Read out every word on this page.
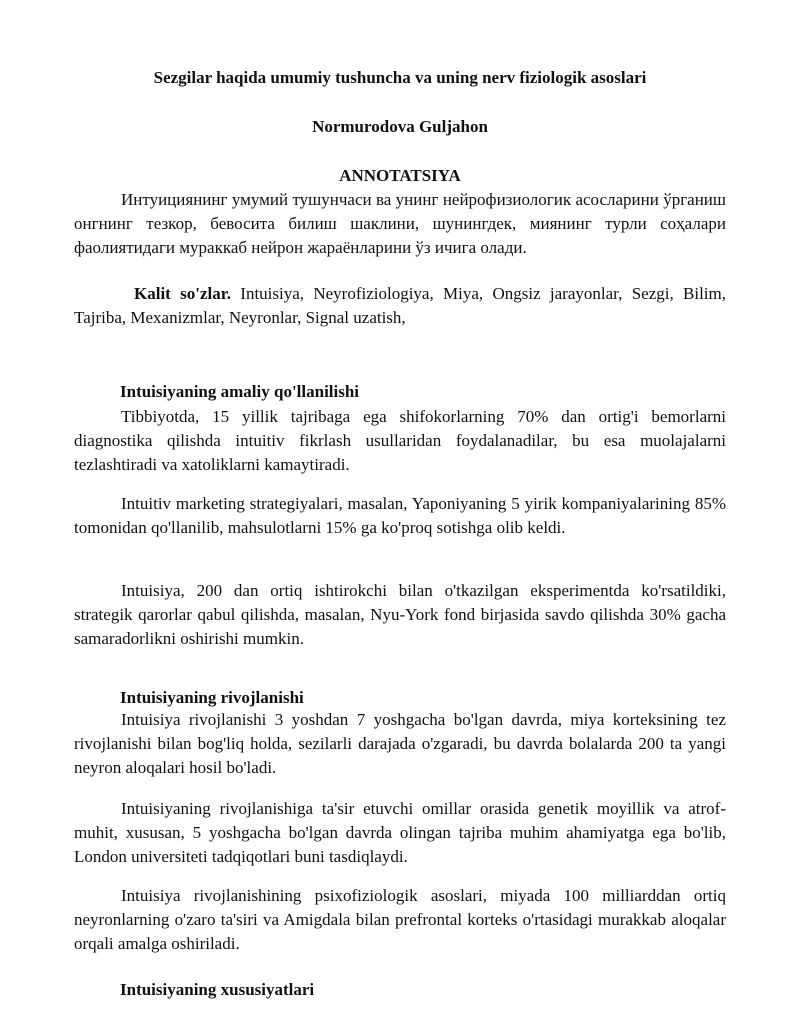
Sezgilar haqida umumiy tushuncha va uning nerv fiziologik asoslari
Normurodova Guljahon
ANNOTATSIYA
Интуициянинг умумий тушунчаси ва унинг нейрофизиологик асосларини ўрганиш онгнинг тезкор, бевосита билиш шаклини, шунингдек, миянинг турли соҳалари фаолиятидаги мураккаб нейрон жараёнларини ўз ичига олади.
Kalit so'zlar. Intuisiya, Neyrofiziologiya, Miya, Ongsiz jarayonlar, Sezgi, Bilim, Tajriba, Mexanizmlar, Neyronlar, Signal uzatish,
Intuisiyaning amaliy qo'llanilishi
Tibbiyotda, 15 yillik tajribaga ega shifokorlarning 70% dan ortig'i bemorlarni diagnostika qilishda intuitiv fikrlash usullaridan foydalanadilar, bu esa muolajalarni tezlashtiradi va xatoliklarni kamaytiradi.
Intuitiv marketing strategiyalari, masalan, Yaponiyaning 5 yirik kompaniyalarining 85% tomonidan qo'llanilib, mahsulotlarni 15% ga ko'proq sotishga olib keldi.
Intuisiya, 200 dan ortiq ishtirokchi bilan o'tkazilgan eksperimentda ko'rsatildiki, strategik qarorlar qabul qilishda, masalan, Nyu-York fond birjasida savdo qilishda 30% gacha samaradorlikni oshirishi mumkin.
Intuisiyaning rivojlanishi
Intuisiya rivojlanishi 3 yoshdan 7 yoshgacha bo'lgan davrda, miya korteksining tez rivojlanishi bilan bog'liq holda, sezilarli darajada o'zgaradi, bu davrda bolalarda 200 ta yangi neyron aloqalari hosil bo'ladi.
Intuisiyaning rivojlanishiga ta'sir etuvchi omillar orasida genetik moyillik va atrof-muhit, xususan, 5 yoshgacha bo'lgan davrda olingan tajriba muhim ahamiyatga ega bo'lib, London universiteti tadqiqotlari buni tasdiqlaydi.
Intuisiya rivojlanishining psixofiziologik asoslari, miyada 100 milliarddan ortiq neyronlarning o'zaro ta'siri va Amigdala bilan prefrontal korteks o'rtasidagi murakkab aloqalar orqali amalga oshiriladi.
Intuisiyaning xususiyatlari
